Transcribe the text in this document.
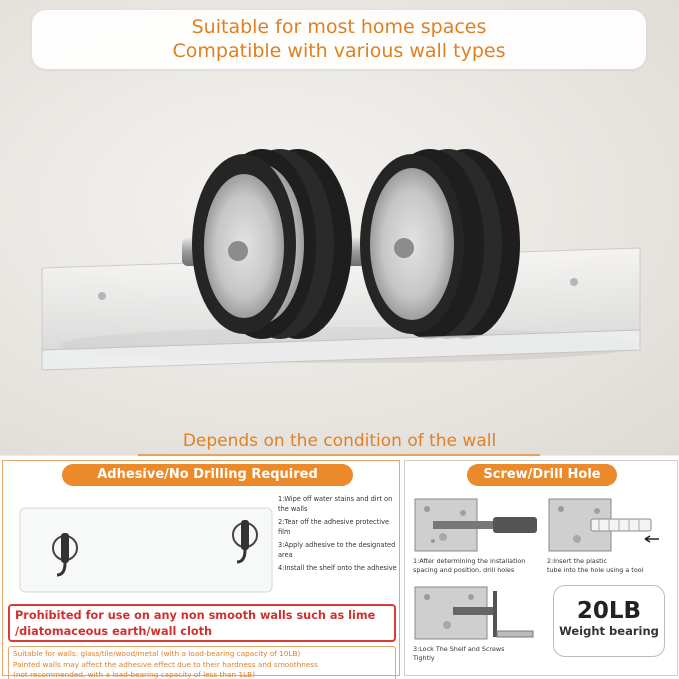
Suitable for most home spaces
Compatible with various wall types
Depends on the condition of the wall
Adhesive/No Drilling Required
1:Wipe off water stains and dirt on the walls
2:Tear off the adhesive protective film
3:Apply adhesive to the designated area
4:Install the shelf onto the adhesive
Prohibited for use on any non smooth walls such as lime
/diatomaceous earth/wall cloth
Suitable for walls: glass/tile/wood/metal (with a load-bearing capacity of 10LB)
Painted walls may affect the adhesive effect due to their hardness and smoothness
(not recommended, with a load-bearing capacity of less than 1LB)
Screw/Drill Hole
1:After determining the installation
spacing and position, drill holes
2:Insert the plastic
tube into the hole using a tool
3:Lock The Shelf and Screws
Tightly
20LB
Weight bearing
